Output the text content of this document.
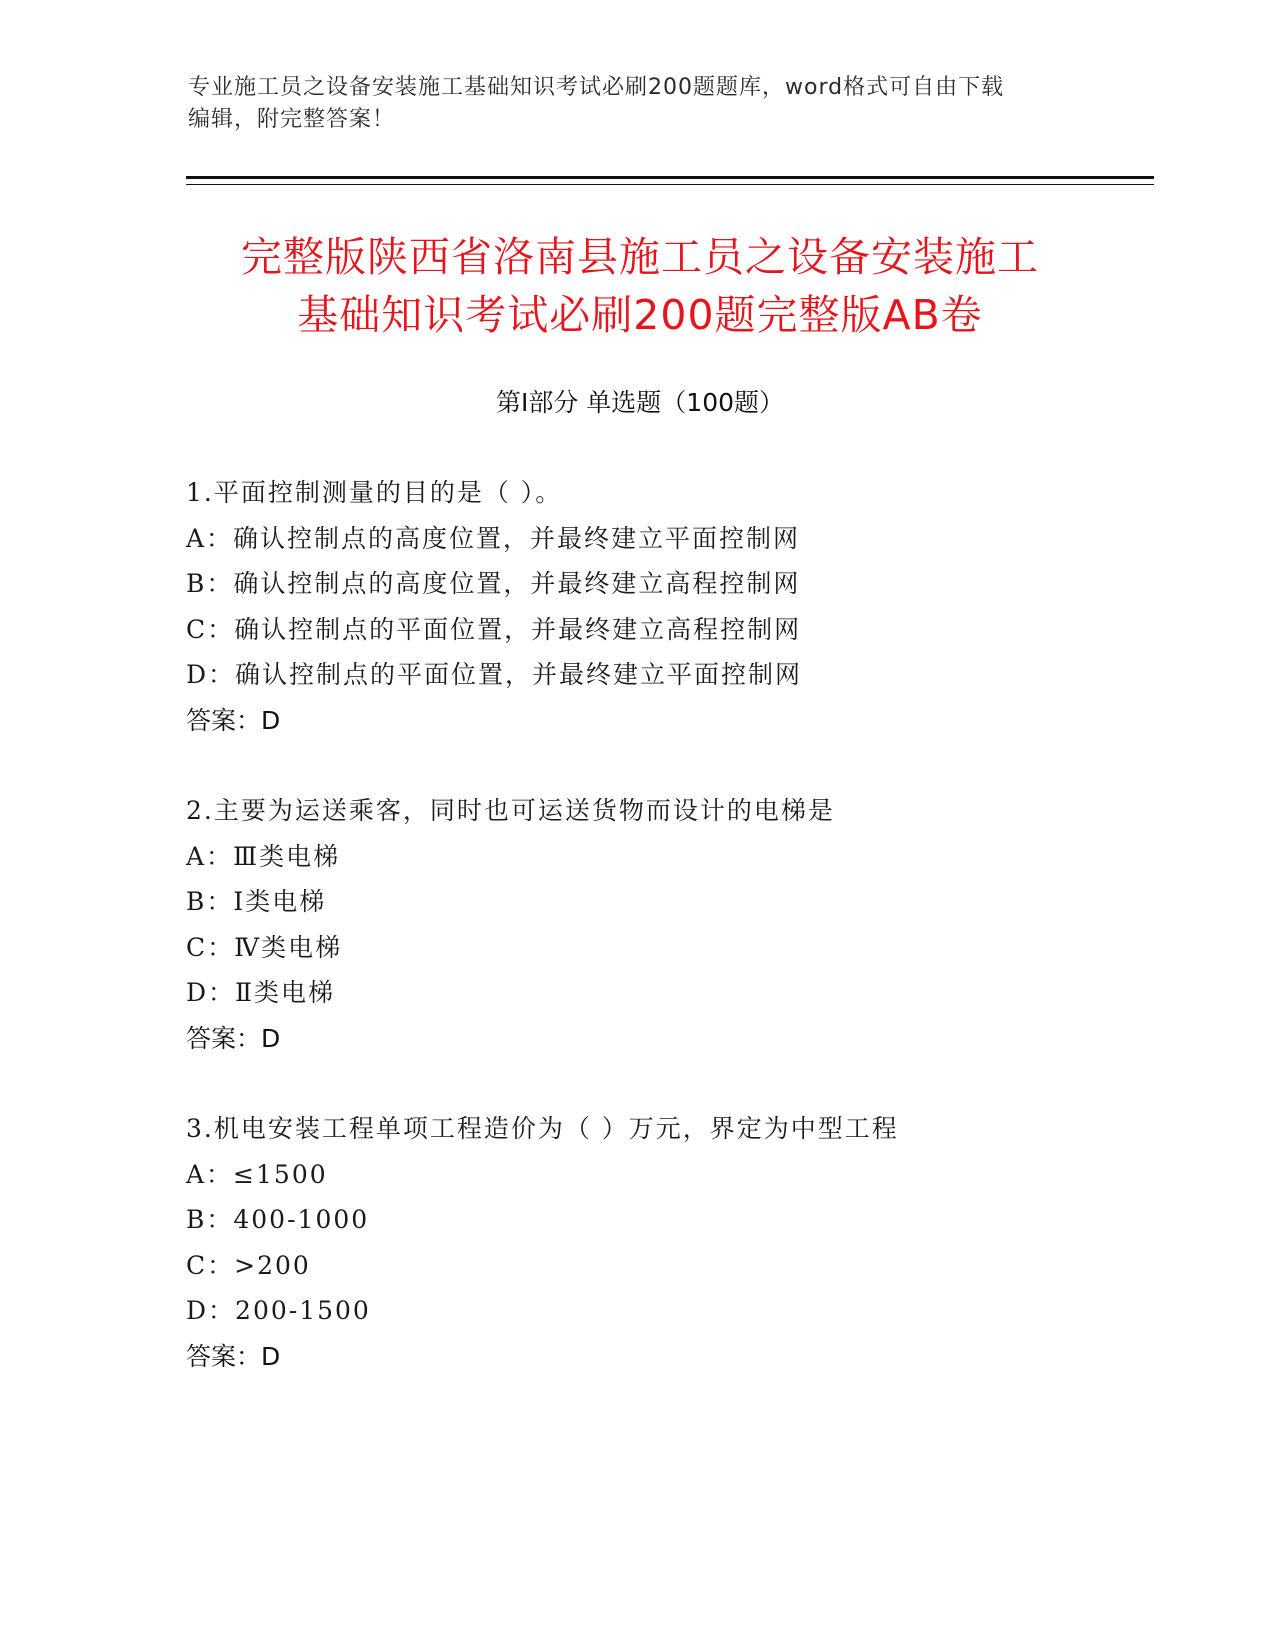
专业施工员之设备安装施工基础知识考试必刷200题题库，word格式可自由下载
编辑，附完整答案！
完整版陕西省洛南县施工员之设备安装施工
基础知识考试必刷200题完整版AB卷
第Ⅰ部分 单选题（100题）
1.平面控制测量的目的是（ ）。
A：确认控制点的高度位置，并最终建立平面控制网
B：确认控制点的高度位置，并最终建立高程控制网
C：确认控制点的平面位置，并最终建立高程控制网
D：确认控制点的平面位置，并最终建立平面控制网
答案：D
2.主要为运送乘客，同时也可运送货物而设计的电梯是
A：Ⅲ类电梯
B：Ⅰ类电梯
C：Ⅳ类电梯
D：Ⅱ类电梯
答案：D
3.机电安装工程单项工程造价为（ ）万元，界定为中型工程
A：≤1500
B：400-1000
C：>200
D：200-1500
答案：D
